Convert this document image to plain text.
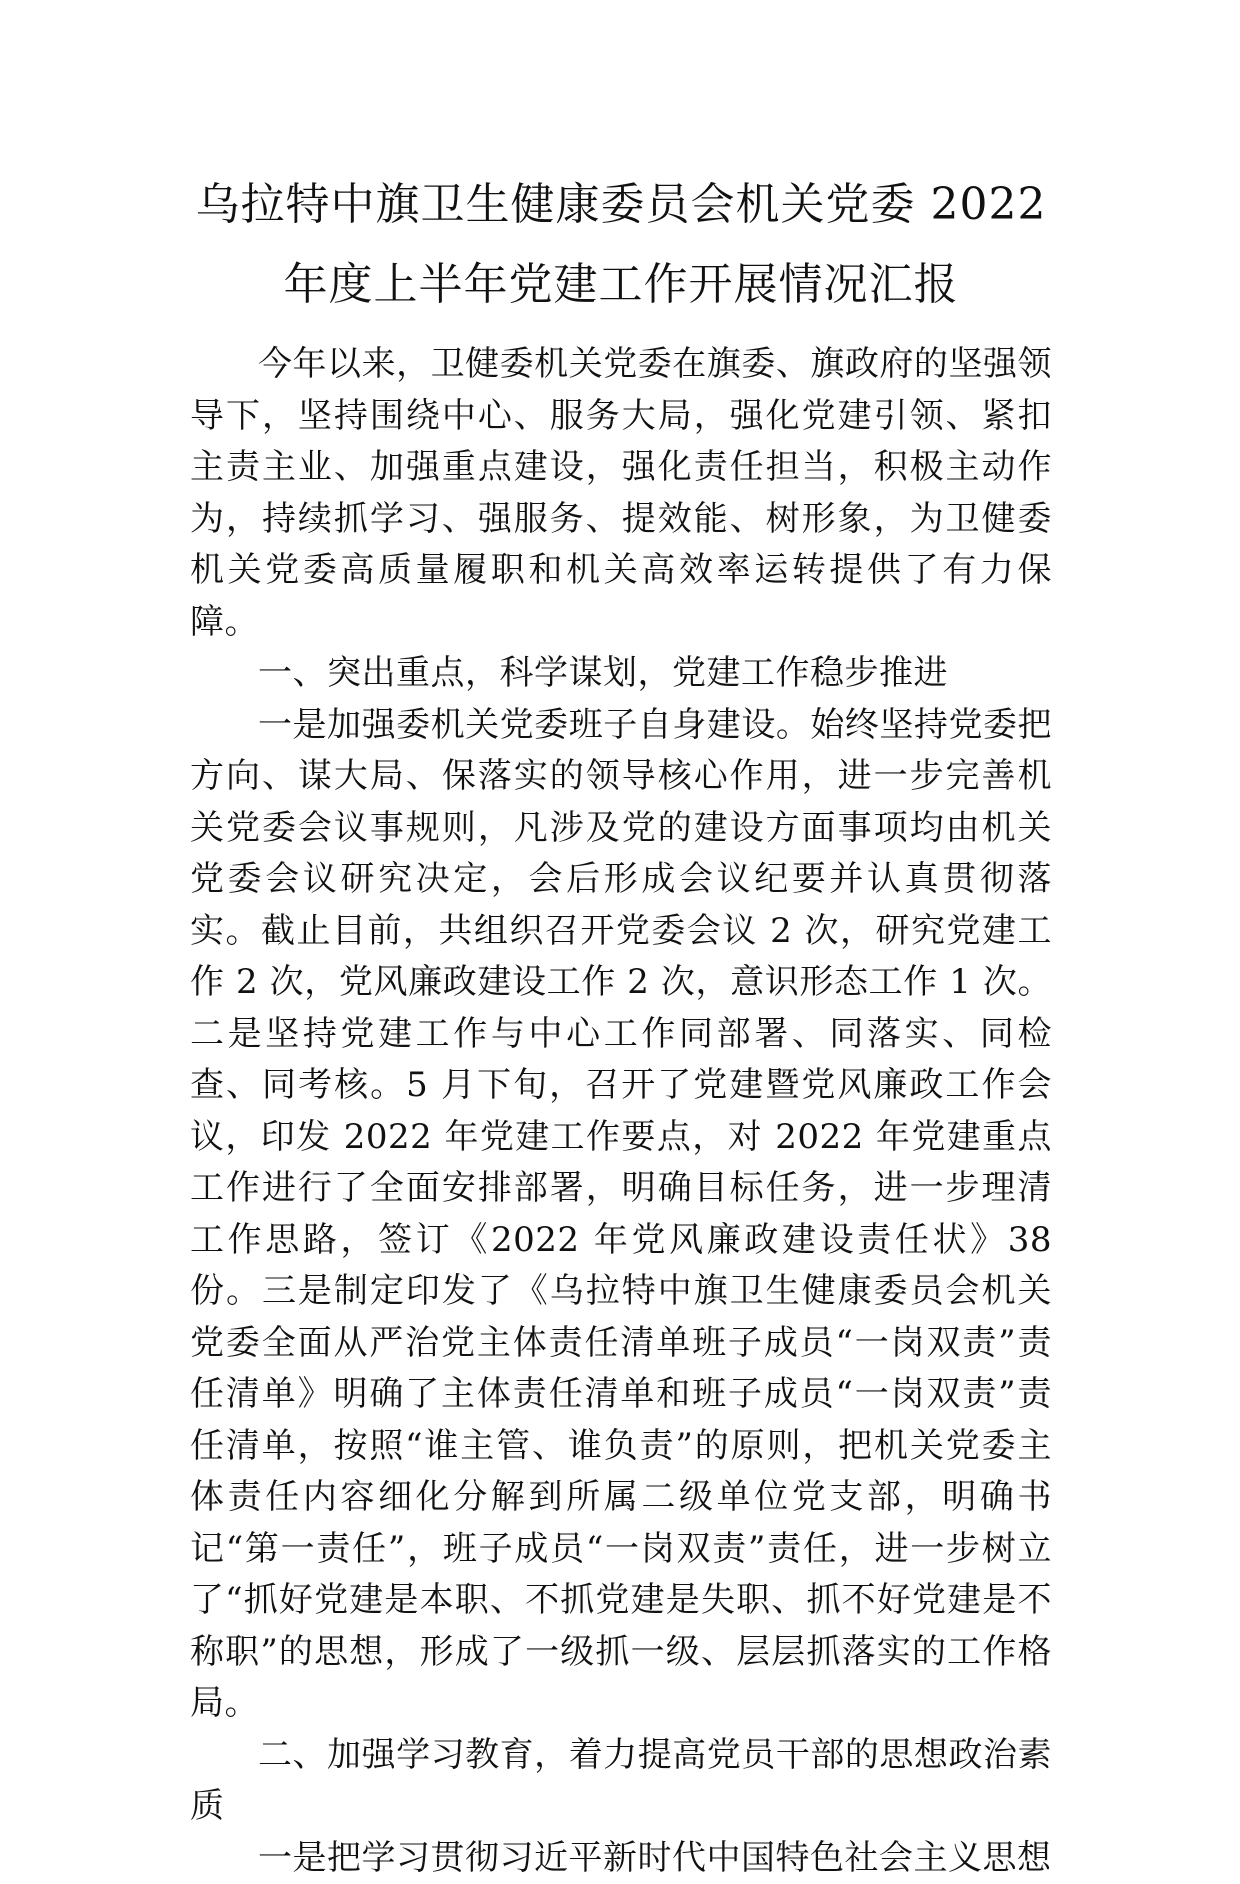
乌拉特中旗卫生健康委员会机关党委 2022
年度上半年党建工作开展情况汇报

今年以来，卫健委机关党委在旗委、旗政府的坚强领导下，坚持围绕中心、服务大局，强化党建引领、紧扣主责主业、加强重点建设，强化责任担当，积极主动作为，持续抓学习、强服务、提效能、树形象，为卫健委机关党委高质量履职和机关高效率运转提供了有力保障。

一、突出重点，科学谋划，党建工作稳步推进

一是加强委机关党委班子自身建设。始终坚持党委把方向、谋大局、保落实的领导核心作用，进一步完善机关党委会议事规则，凡涉及党的建设方面事项均由机关党委会议研究决定，会后形成会议纪要并认真贯彻落实。截止目前，共组织召开党委会议 2 次，研究党建工作 2 次，党风廉政建设工作 2 次，意识形态工作 1 次。二是坚持党建工作与中心工作同部署、同落实、同检查、同考核。5 月下旬，召开了党建暨党风廉政工作会议，印发 2022 年党建工作要点，对 2022 年党建重点工作进行了全面安排部署，明确目标任务，进一步理清工作思路，签订《2022 年党风廉政建设责任状》38 份。三是制定印发了《乌拉特中旗卫生健康委员会机关党委全面从严治党主体责任清单班子成员“一岗双责”责任清单》明确了主体责任清单和班子成员“一岗双责”责任清单，按照“谁主管、谁负责”的原则，把机关党委主体责任内容细化分解到所属二级单位党支部，明确书记“第一责任”，班子成员“一岗双责”责任，进一步树立了“抓好党建是本职、不抓党建是失职、抓不好党建是不称职”的思想，形成了一级抓一级、层层抓落实的工作格局。

二、加强学习教育，着力提高党员干部的思想政治素质

一是把学习贯彻习近平新时代中国特色社会主义思想
